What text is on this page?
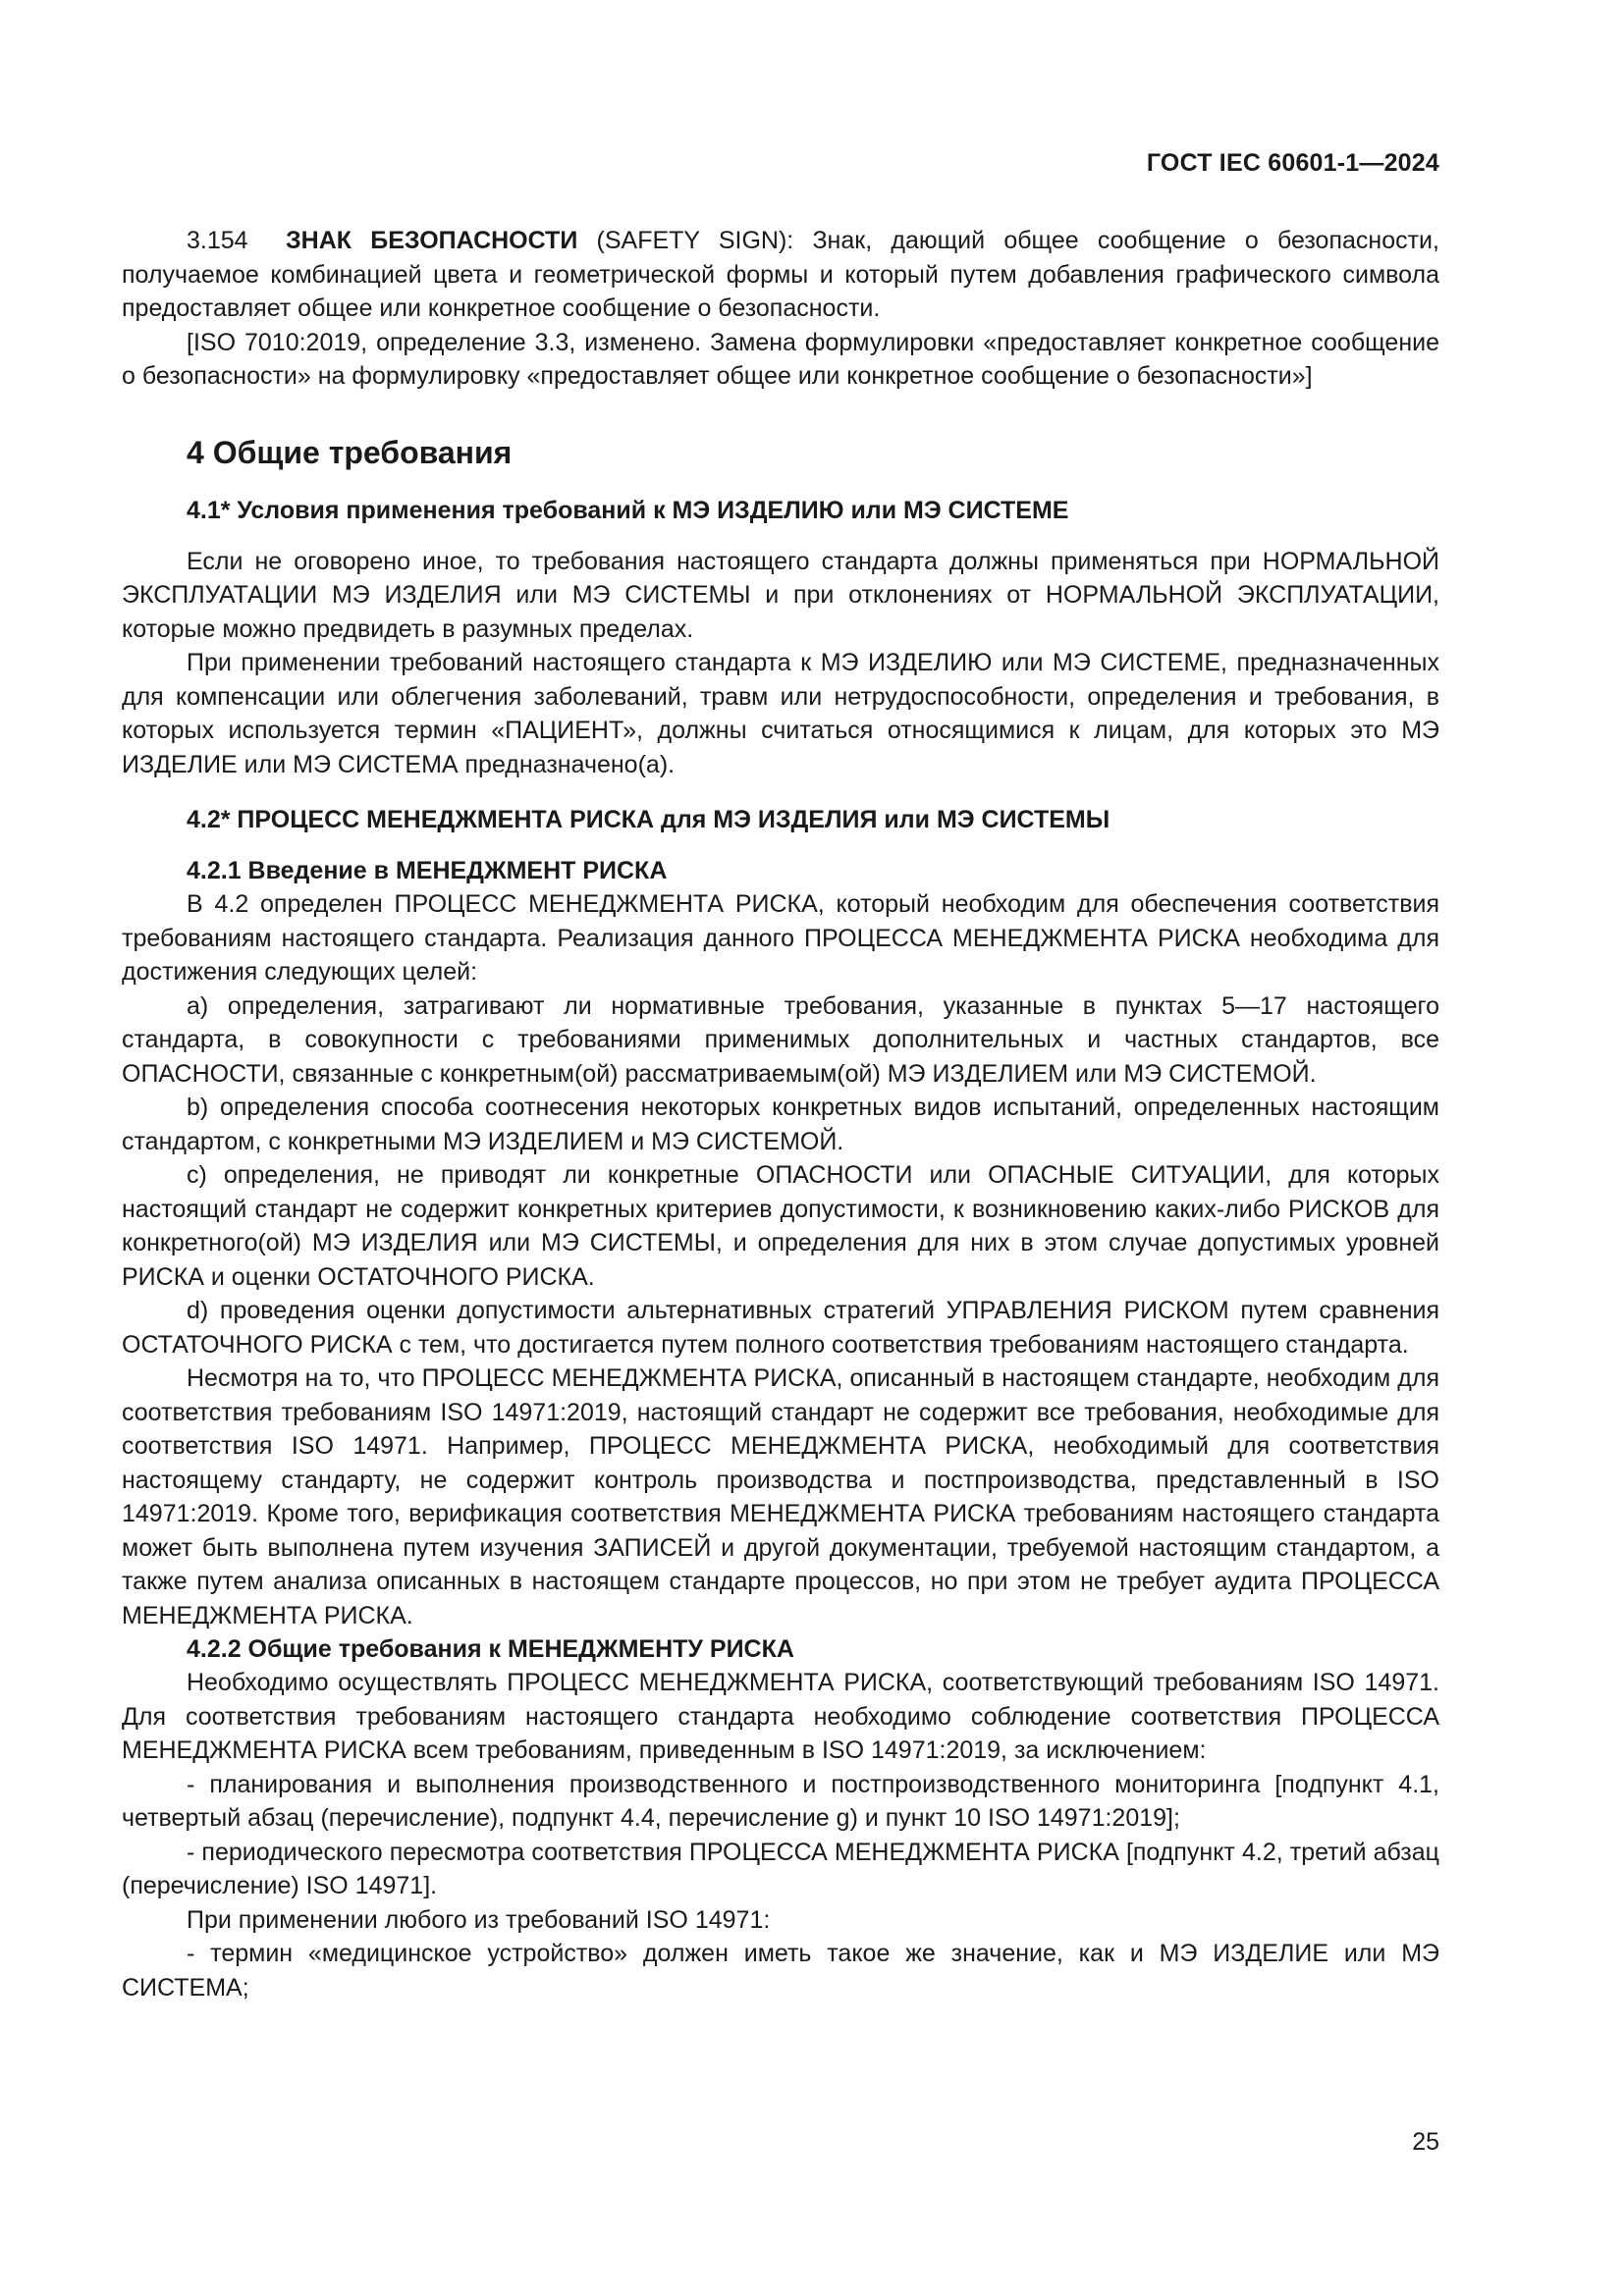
ГОСТ IEC 60601-1—2024

3.154 ЗНАК БЕЗОПАСНОСТИ (SAFETY SIGN): Знак, дающий общее сообщение о безопасности, получаемое комбинацией цвета и геометрической формы и который путем добавления графического символа предоставляет общее или конкретное сообщение о безопасности.

[ISO 7010:2019, определение 3.3, изменено. Замена формулировки «предоставляет конкретное сообщение о безопасности» на формулировку «предоставляет общее или конкретное сообщение о безопасности»]

4 Общие требования
4.1* Условия применения требований к МЭ ИЗДЕЛИЮ или МЭ СИСТЕМЕ

Если не оговорено иное, то требования настоящего стандарта должны применяться при НОРМАЛЬНОЙ ЭКСПЛУАТАЦИИ МЭ ИЗДЕЛИЯ или МЭ СИСТЕМЫ и при отклонениях от НОРМАЛЬНОЙ ЭКСПЛУАТАЦИИ, которые можно предвидеть в разумных пределах.

При применении требований настоящего стандарта к МЭ ИЗДЕЛИЮ или МЭ СИСТЕМЕ, предназначенных для компенсации или облегчения заболеваний, травм или нетрудоспособности, определения и требования, в которых используется термин «ПАЦИЕНТ», должны считаться относящимися к лицам, для которых это МЭ ИЗДЕЛИЕ или МЭ СИСТЕМА предназначено(а).

4.2* ПРОЦЕСС МЕНЕДЖМЕНТА РИСКА для МЭ ИЗДЕЛИЯ или МЭ СИСТЕМЫ
4.2.1 Введение в МЕНЕДЖМЕНТ РИСКА

В 4.2 определен ПРОЦЕСС МЕНЕДЖМЕНТА РИСКА, который необходим для обеспечения соответствия требованиям настоящего стандарта. Реализация данного ПРОЦЕССА МЕНЕДЖМЕНТА РИСКА необходима для достижения следующих целей:

a) определения, затрагивают ли нормативные требования, указанные в пунктах 5—17 настоящего стандарта, в совокупности с требованиями применимых дополнительных и частных стандартов, все ОПАСНОСТИ, связанные с конкретным(ой) рассматриваемым(ой) МЭ ИЗДЕЛИЕМ или МЭ СИСТЕМОЙ.

b) определения способа соотнесения некоторых конкретных видов испытаний, определенных настоящим стандартом, с конкретными МЭ ИЗДЕЛИЕМ и МЭ СИСТЕМОЙ.

c) определения, не приводят ли конкретные ОПАСНОСТИ или ОПАСНЫЕ СИТУАЦИИ, для которых настоящий стандарт не содержит конкретных критериев допустимости, к возникновению каких-либо РИСКОВ для конкретного(ой) МЭ ИЗДЕЛИЯ или МЭ СИСТЕМЫ, и определения для них в этом случае допустимых уровней РИСКА и оценки ОСТАТОЧНОГО РИСКА.

d) проведения оценки допустимости альтернативных стратегий УПРАВЛЕНИЯ РИСКОМ путем сравнения ОСТАТОЧНОГО РИСКА с тем, что достигается путем полного соответствия требованиям настоящего стандарта.

Несмотря на то, что ПРОЦЕСС МЕНЕДЖМЕНТА РИСКА, описанный в настоящем стандарте, необходим для соответствия требованиям ISO 14971:2019, настоящий стандарт не содержит все требования, необходимые для соответствия ISO 14971. Например, ПРОЦЕСС МЕНЕДЖМЕНТА РИСКА, необходимый для соответствия настоящему стандарту, не содержит контроль производства и постпроизводства, представленный в ISO 14971:2019. Кроме того, верификация соответствия МЕНЕДЖМЕНТА РИСКА требованиям настоящего стандарта может быть выполнена путем изучения ЗАПИСЕЙ и другой документации, требуемой настоящим стандартом, а также путем анализа описанных в настоящем стандарте процессов, но при этом не требует аудита ПРОЦЕССА МЕНЕДЖМЕНТА РИСКА.

4.2.2 Общие требования к МЕНЕДЖМЕНТУ РИСКА

Необходимо осуществлять ПРОЦЕСС МЕНЕДЖМЕНТА РИСКА, соответствующий требованиям ISO 14971. Для соответствия требованиям настоящего стандарта необходимо соблюдение соответствия ПРОЦЕССА МЕНЕДЖМЕНТА РИСКА всем требованиям, приведенным в ISO 14971:2019, за исключением:

- планирования и выполнения производственного и постпроизводственного мониторинга [подпункт 4.1, четвертый абзац (перечисление), подпункт 4.4, перечисление g) и пункт 10 ISO 14971:2019];

- периодического пересмотра соответствия ПРОЦЕССА МЕНЕДЖМЕНТА РИСКА [подпункт 4.2, третий абзац (перечисление) ISO 14971].

При применении любого из требований ISO 14971:

- термин «медицинское устройство» должен иметь такое же значение, как и МЭ ИЗДЕЛИЕ или МЭ СИСТЕМА;

25
